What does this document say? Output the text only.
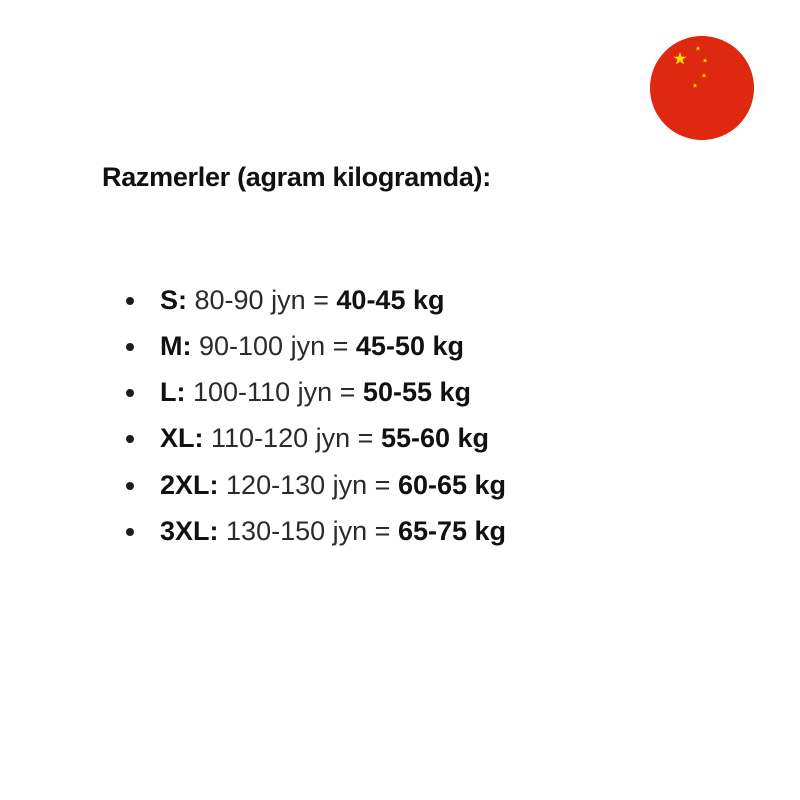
Razmerler (agram kilogramda):
S: 80-90 jyn = 40-45 kg
M: 90-100 jyn = 45-50 kg
L: 100-110 jyn = 50-55 kg
XL: 110-120 jyn = 55-60 kg
2XL: 120-130 jyn = 60-65 kg
3XL: 130-150 jyn = 65-75 kg
